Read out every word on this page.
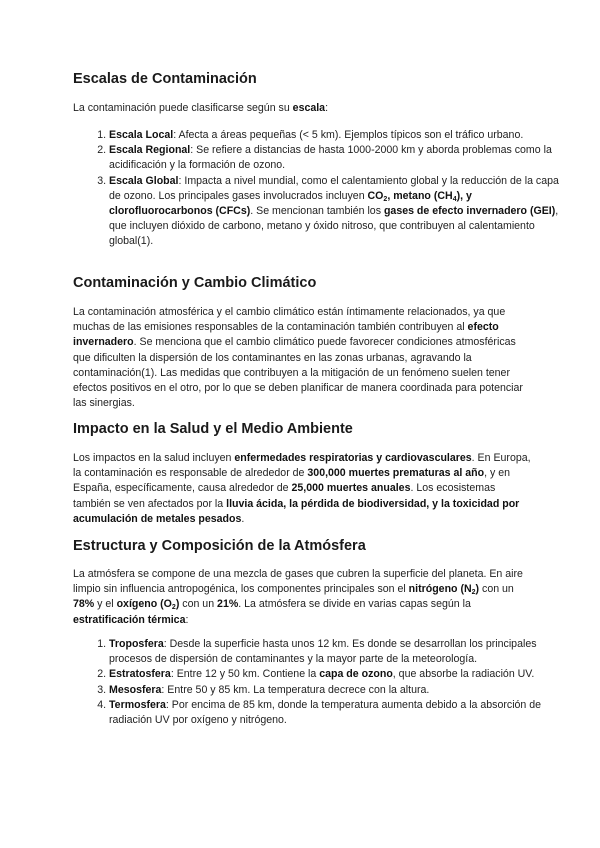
Escalas de Contaminación

La contaminación puede clasificarse según su escala:

1. Escala Local: Afecta a áreas pequeñas (< 5 km). Ejemplos típicos son el tráfico urbano.
2. Escala Regional: Se refiere a distancias de hasta 1000-2000 km y aborda problemas como la acidificación y la formación de ozono.
3. Escala Global: Impacta a nivel mundial, como el calentamiento global y la reducción de la capa de ozono. Los principales gases involucrados incluyen $CO_2$, metano $(CH_4)$, y clorofluorocarbonos (CFCs). Se mencionan también los gases de efecto invernadero (GEI), que incluyen dióxido de carbono, metano y óxido nitroso, que contribuyen al calentamiento global(1).
Contaminación y Cambio Climático

La contaminación atmosférica y el cambio climático están íntimamente relacionados, ya que muchas de las emisiones responsables de la contaminación también contribuyen al efecto invernadero. Se menciona que el cambio climático puede favorecer condiciones atmosféricas que dificulten la dispersión de los contaminantes en las zonas urbanas, agravando la contaminación(1). Las medidas que contribuyen a la mitigación de un fenómeno suelen tener efectos positivos en el otro, por lo que se deben planificar de manera coordinada para potenciar las sinergias.

Impacto en la Salud y el Medio Ambiente

Los impactos en la salud incluyen enfermedades respiratorias y cardiovasculares. En Europa, la contaminación es responsable de alrededor de 300,000 muertes prematuras al año, y en España, específicamente, causa alrededor de 25,000 muertes anuales. Los ecosistemas también se ven afectados por la lluvia ácida, la pérdida de biodiversidad, y la toxicidad por acumulación de metales pesados.

Estructura y Composición de la Atmósfera

La atmósfera se compone de una mezcla de gases que cubren la superficie del planeta. En aire limpio sin influencia antropogénica, los componentes principales son el nitrógeno $(N_2)$ con un 78% y el oxígeno $(O_2)$ con un 21%. La atmósfera se divide en varias capas según la estratificación térmica:

1. Troposfera: Desde la superficie hasta unos 12 km. Es donde se desarrollan los principales procesos de dispersión de contaminantes y la mayor parte de la meteorología.
2. Estratosfera: Entre 12 y 50 km. Contiene la capa de ozono, que absorbe la radiación UV.
3. Mesosfera: Entre 50 y 85 km. La temperatura decrece con la altura.
4. Termosfera: Por encima de 85 km, donde la temperatura aumenta debido a la absorción de radiación UV por oxígeno y nitrógeno.
